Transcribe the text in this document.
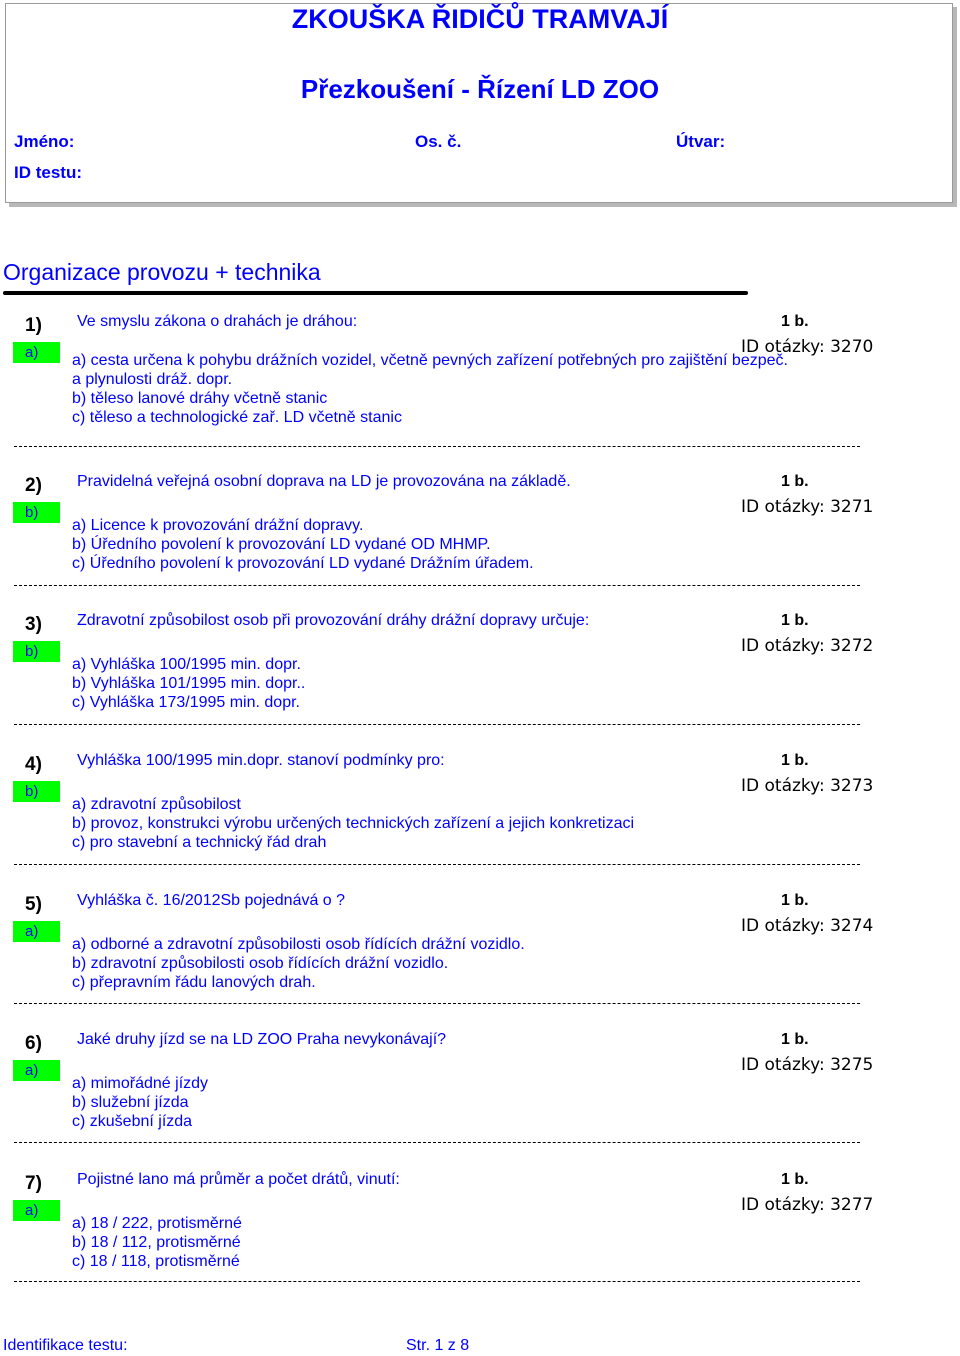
ZKOUŠKA ŘIDIČŮ TRAMVAJÍ
Přezkoušení - Řízení LD ZOO
Jméno:	Os. č.	Útvar:
ID testu:
Organizace provozu + technika
1)
a)
Ve smyslu zákona o drahách je dráhou:	1 b.
ID otázky: 3270
a) cesta určena k pohybu drážních vozidel, včetně pevných zařízení potřebných pro zajištění bezpeč.
a plynulosti dráž. dopr.
b) těleso lanové dráhy včetně stanic
c) těleso a technologické zař. LD včetně stanic
2)
b)
Pravidelná veřejná osobní doprava na LD je provozována na základě.	1 b.
ID otázky: 3271
a) Licence k provozování drážní dopravy.
b) Úředního povolení k provozování LD vydané OD MHMP.
c) Úředního povolení k provozování LD vydané Drážním úřadem.
3)
b)
Zdravotní způsobilost osob při provozování dráhy drážní dopravy určuje:	1 b.
ID otázky: 3272
a) Vyhláška 100/1995 min. dopr.
b) Vyhláška 101/1995 min. dopr..
c) Vyhláška 173/1995 min. dopr.
4)
b)
Vyhláška 100/1995 min.dopr. stanoví podmínky pro:	1 b.
ID otázky: 3273
a) zdravotní způsobilost
b) provoz, konstrukci výrobu určených technických zařízení a jejich konkretizaci
c) pro stavební a technický řád drah
5)
a)
Vyhláška č. 16/2012Sb pojednává o ?	1 b.
ID otázky: 3274
a) odborné a zdravotní způsobilosti osob řídících drážní vozidlo.
b) zdravotní způsobilosti osob řídících drážní vozidlo.
c) přepravním řádu lanových drah.
6)
a)
Jaké druhy jízd se na LD ZOO Praha nevykonávají?	1 b.
ID otázky: 3275
a) mimořádné jízdy
b) služební jízda
c) zkušební jízda
7)
a)
Pojistné lano má průměr a počet drátů, vinutí:	1 b.
ID otázky: 3277
a) 18 / 222, protisměrné
b) 18 / 112, protisměrné
c) 18 / 118, protisměrné
Identifikace testu:	Str. 1 z 8
